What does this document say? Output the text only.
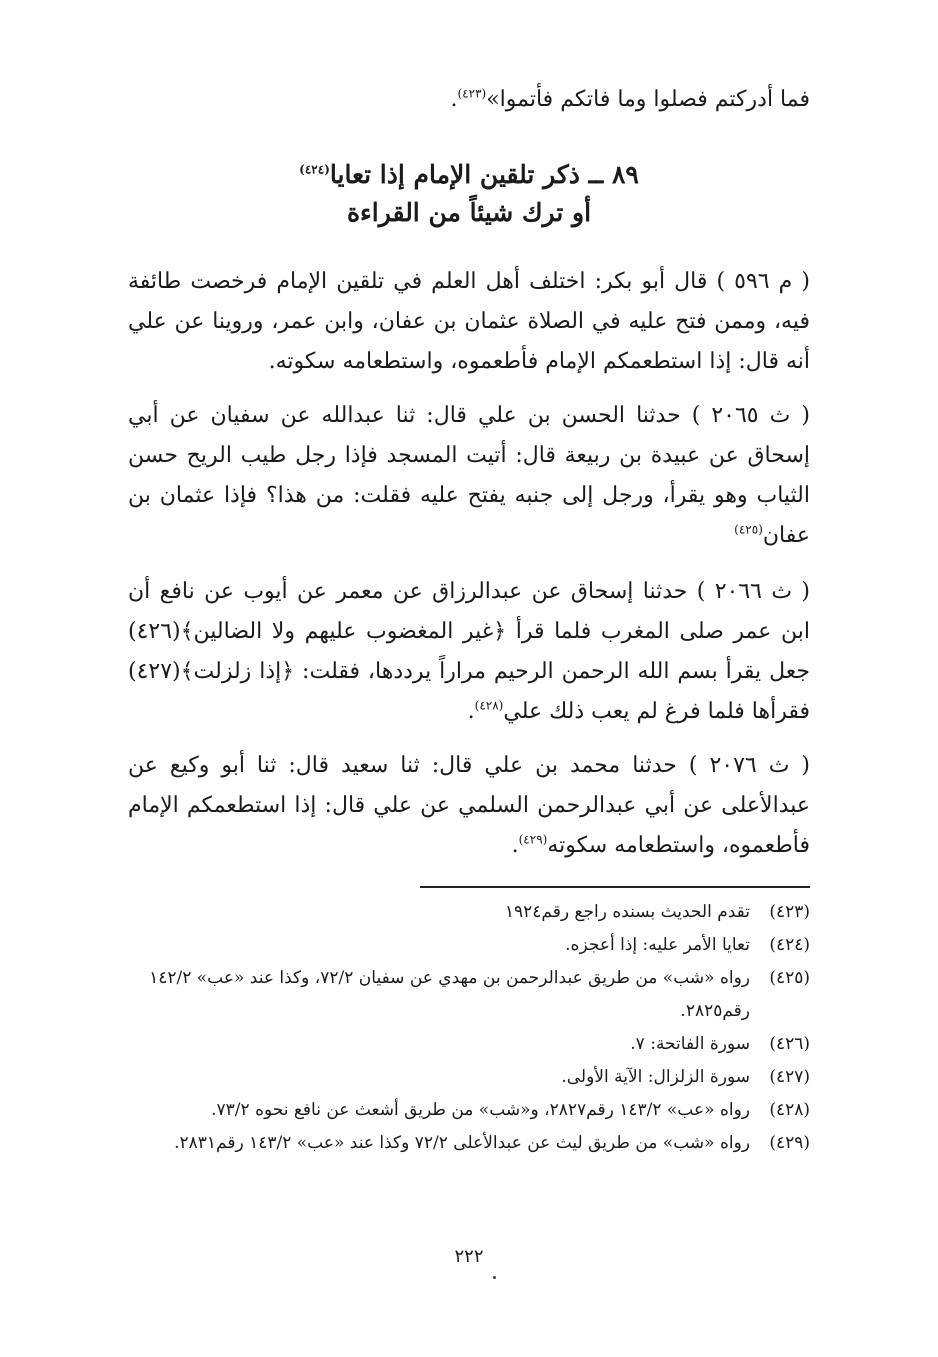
فما أدركتم فصلوا وما فاتكم فأتموا»$^{(٤٢٣)}$.
٨٩ ــ ذكر تلقين الإمام إذا تعايا$^{(٤٢٤)}$
أو ترك شيئاً من القراءة

( م ٥٩٦ ) قال أبو بكر: اختلف أهل العلم في تلقين الإمام فرخصت طائفة فيه، وممن فتح عليه في الصلاة عثمان بن عفان، وابن عمر، وروينا عن علي أنه قال: إذا استطعمكم الإمام فأطعموه، واستطعامه سكوته.

( ث ٢٠٦٥ ) حدثنا الحسن بن علي قال: ثنا عبدالله عن سفيان عن أبي إسحاق عن عبيدة بن ربيعة قال: أتيت المسجد فإذا رجل طيب الريح حسن الثياب وهو يقرأ، ورجل إلى جنبه يفتح عليه فقلت: من هذا؟ فإذا عثمان بن عفان$^{(٤٢٥)}$

( ث ٢٠٦٦ ) حدثنا إسحاق عن عبدالرزاق عن معمر عن أيوب عن نافع أن ابن عمر صلى المغرب فلما قرأ ﴿غير المغضوب عليهم ولا الضالين﴾(٤٢٦) جعل يقرأ بسم الله الرحمن الرحيم مراراً يرددها، فقلت: ﴿إذا زلزلت﴾(٤٢٧) فقرأها فلما فرغ لم يعب ذلك علي$^{(٤٢٨)}$.

( ث ٢٠٧٦ ) حدثنا محمد بن علي قال: ثنا سعيد قال: ثنا أبو وكيع عن عبدالأعلى عن أبي عبدالرحمن السلمي عن علي قال: إذا استطعمكم الإمام فأطعموه، واستطعامه سكوته$^{(٤٢٩)}$.

(٤٢٣)
تقدم الحديث بسنده راجع رقم١٩٢٤
(٤٢٤)
تعايا الأمر عليه: إذا أعجزه.
(٤٢٥)
رواه «شب» من طريق عبدالرحمن بن مهدي عن سفيان ٧٢/٢، وكذا عند «عب» ١٤٢/٢ رقم٢٨٢٥.
(٤٢٦)
سورة الفاتحة: ٧.
(٤٢٧)
سورة الزلزال: الآية الأولى.
(٤٢٨)
رواه «عب» ١٤٣/٢ رقم٢٨٢٧، و«شب» من طريق أشعث عن نافع نحوه ٧٣/٢.
(٤٢٩)
رواه «شب» من طريق ليث عن عبدالأعلى ٧٢/٢ وكذا عند «عب» ١٤٣/٢ رقم٢٨٣١.
٢٢٢
